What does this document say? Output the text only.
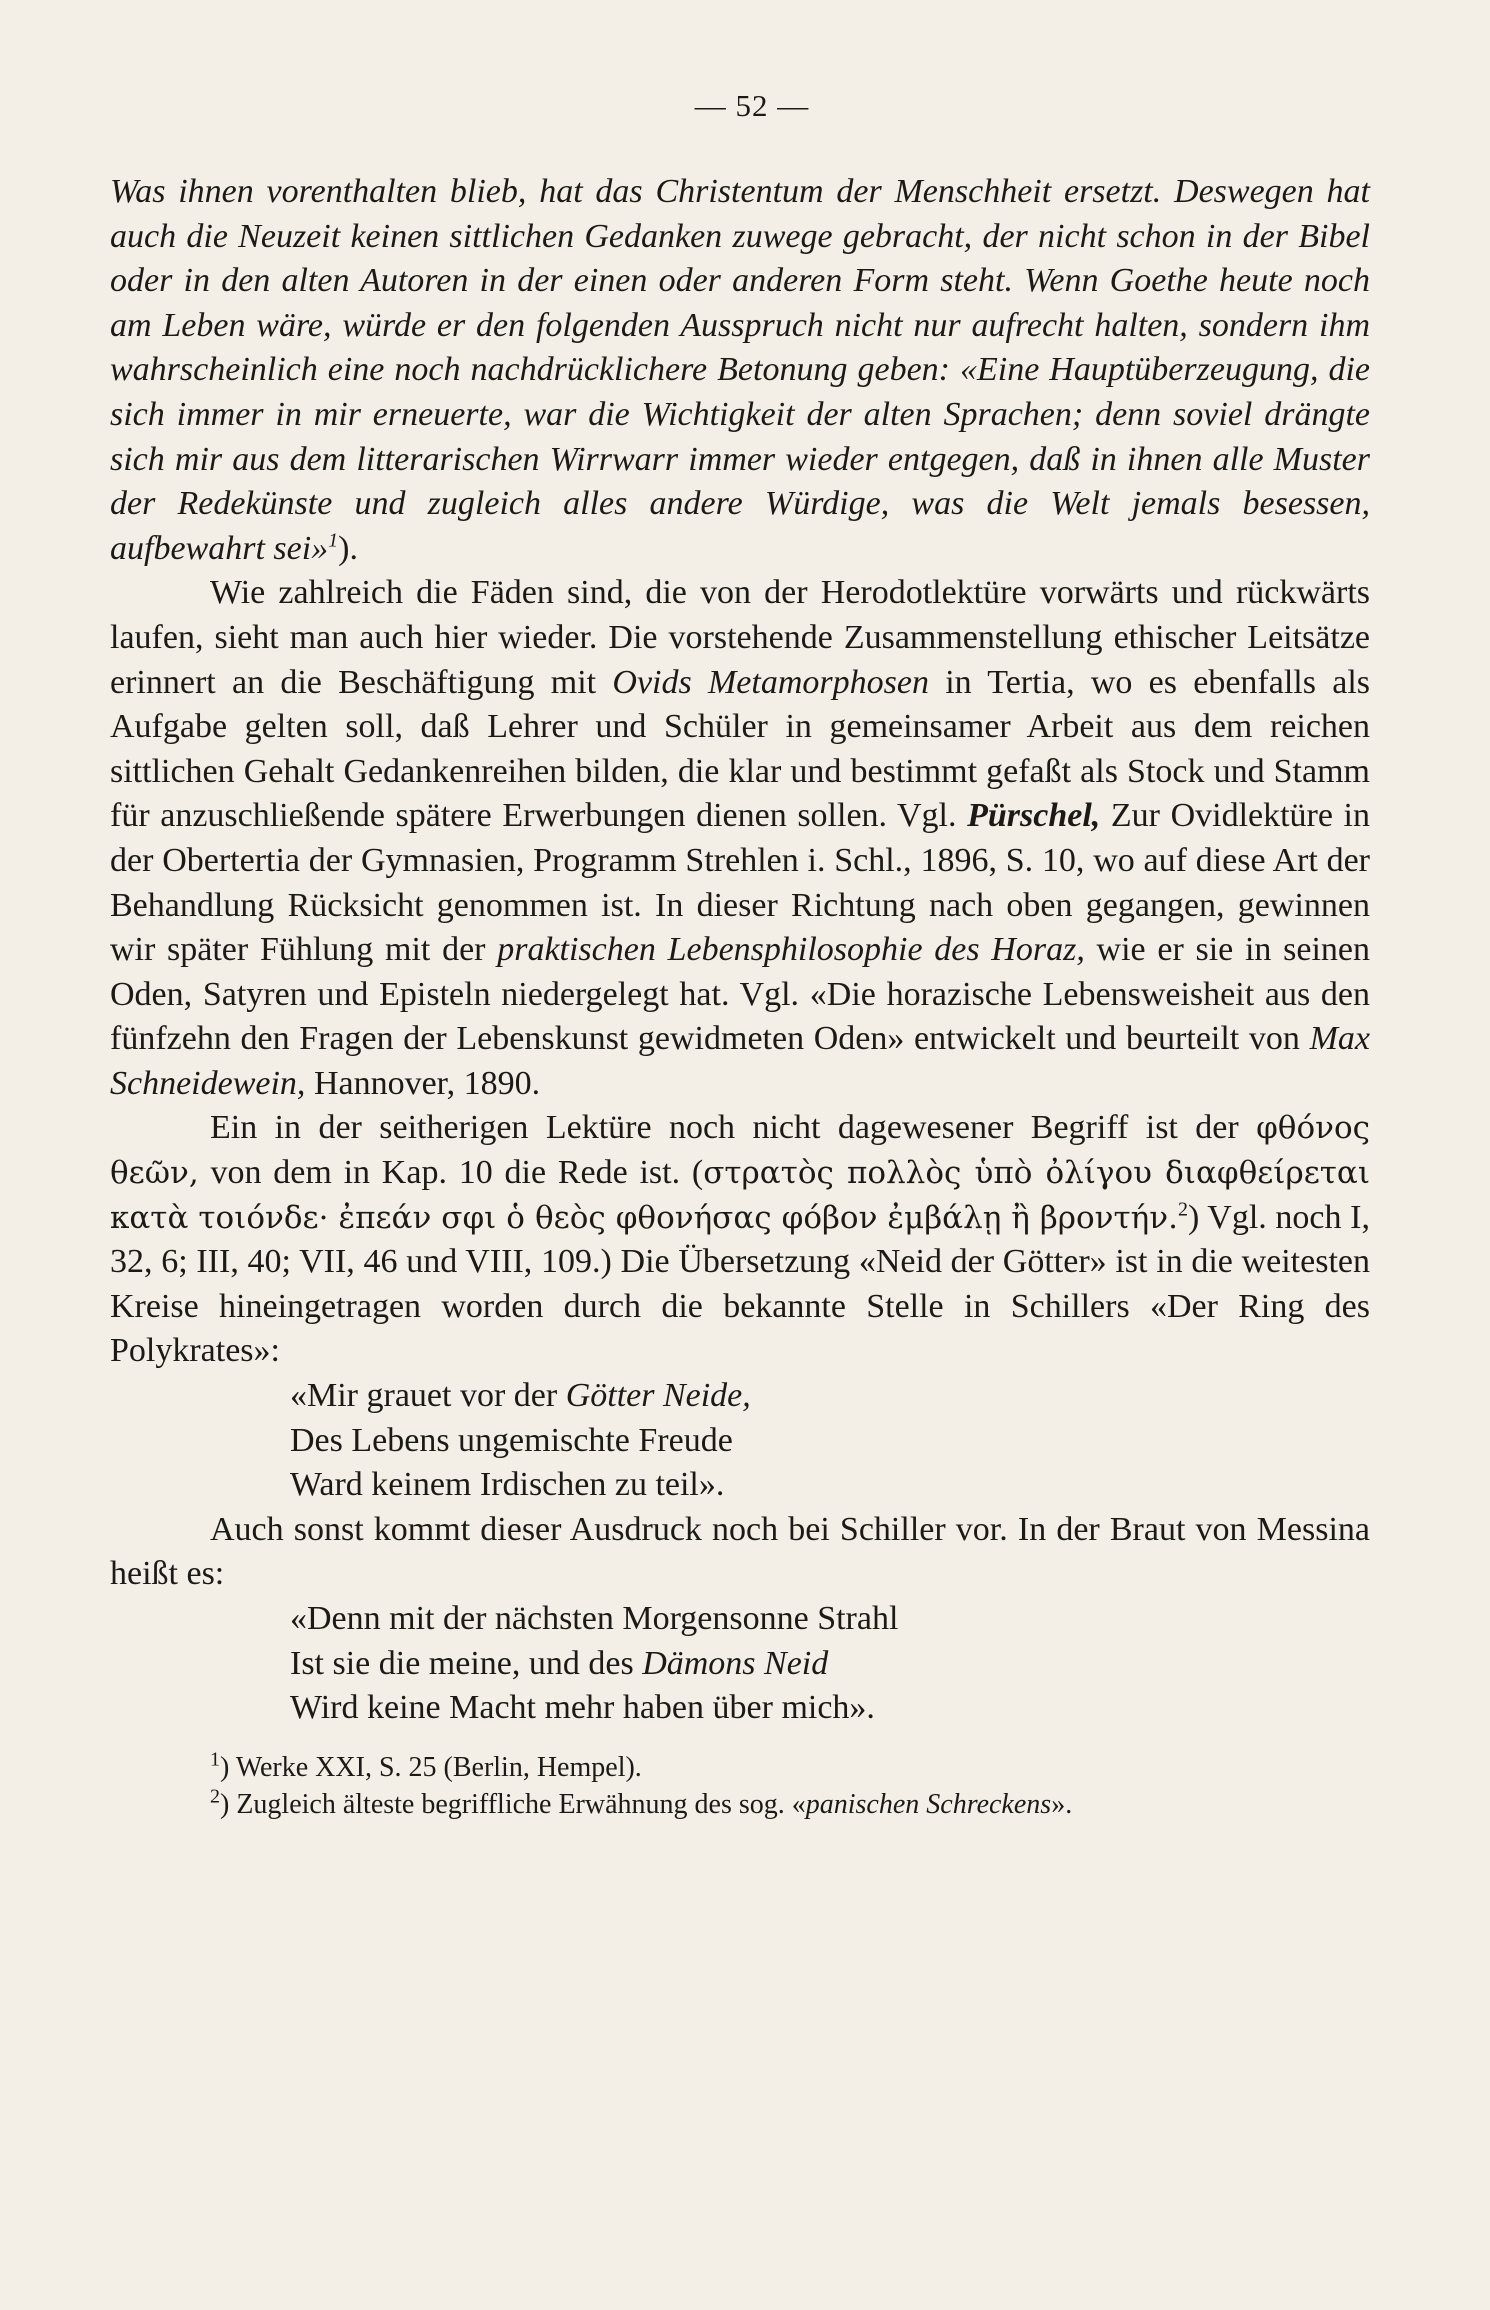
— 52 —

Was ihnen vorenthalten blieb, hat das Christentum der Menschheit ersetzt. Deswegen hat auch die Neuzeit keinen sittlichen Gedanken zuwege gebracht, der nicht schon in der Bibel oder in den alten Autoren in der einen oder anderen Form steht. Wenn Goethe heute noch am Leben wäre, würde er den folgenden Ausspruch nicht nur aufrecht halten, sondern ihm wahrscheinlich eine noch nachdrücklichere Betonung geben: «Eine Hauptüberzeugung, die sich immer in mir erneuerte, war die Wichtigkeit der alten Sprachen; denn soviel drängte sich mir aus dem litterarischen Wirrwarr immer wieder entgegen, daß in ihnen alle Muster der Redekünste und zugleich alles andere Würdige, was die Welt jemals besessen, aufbewahrt sei»$^1$).

Wie zahlreich die Fäden sind, die von der Herodotlektüre vorwärts und rückwärts laufen, sieht man auch hier wieder. Die vorstehende Zusammenstellung ethischer Leitsätze erinnert an die Beschäftigung mit Ovids Metamorphosen in Tertia, wo es ebenfalls als Aufgabe gelten soll, daß Lehrer und Schüler in gemeinsamer Arbeit aus dem reichen sittlichen Gehalt Gedankenreihen bilden, die klar und bestimmt gefaßt als Stock und Stamm für anzuschließende spätere Erwerbungen dienen sollen. Vgl. Pürschel, Zur Ovidlektüre in der Obertertia der Gymnasien, Programm Strehlen i. Schl., 1896, S. 10, wo auf diese Art der Behandlung Rücksicht genommen ist. In dieser Richtung nach oben gegangen, gewinnen wir später Fühlung mit der praktischen Lebensphilosophie des Horaz, wie er sie in seinen Oden, Satyren und Episteln niedergelegt hat. Vgl. «Die horazische Lebensweisheit aus den fünfzehn den Fragen der Lebenskunst gewidmeten Oden» entwickelt und beurteilt von Max Schneidewein, Hannover, 1890.

Ein in der seitherigen Lektüre noch nicht dagewesener Begriff ist der φθόνος θεῶν, von dem in Kap. 10 die Rede ist. (στρατὸς πολλὸς ὑπὸ ὀλίγου διαφθείρεται κατὰ τοιόνδε· ἐπεάν σφι ὁ θεὸς φθονήσας φόβον ἐμβάλῃ ἢ βροντήν.$^2$) Vgl. noch I, 32, 6; III, 40; VII, 46 und VIII, 109.) Die Übersetzung «Neid der Götter» ist in die weitesten Kreise hineingetragen worden durch die bekannte Stelle in Schillers «Der Ring des Polykrates»:

«Mir grauet vor der Götter Neide,
Des Lebens ungemischte Freude
Ward keinem Irdischen zu teil».

Auch sonst kommt dieser Ausdruck noch bei Schiller vor. In der Braut von Messina heißt es:

«Denn mit der nächsten Morgensonne Strahl
Ist sie die meine, und des Dämons Neid
Wird keine Macht mehr haben über mich».
$^1$) Werke XXI, S. 25 (Berlin, Hempel).
$^2$) Zugleich älteste begriffliche Erwähnung des sog. «panischen Schreckens».
